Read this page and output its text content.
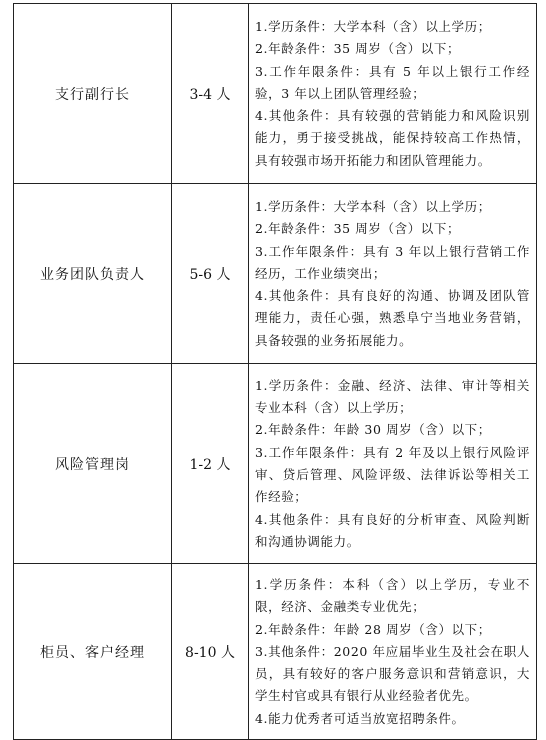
支行副行长	3-4 人	1.学历条件：大学本科（含）以上学历；
2.年龄条件：35 周岁（含）以下；
3.工作年限条件：具有 5 年以上银行工作经验，3 年以上团队管理经验；
4.其他条件：具有较强的营销能力和风险识别能力，勇于接受挑战，能保持较高工作热情，具有较强市场开拓能力和团队管理能力。

业务团队负责人	5-6 人	1.学历条件：大学本科（含）以上学历；
2.年龄条件：35 周岁（含）以下；
3.工作年限条件：具有 3 年以上银行营销工作经历，工作业绩突出；
4.其他条件：具有良好的沟通、协调及团队管理能力，责任心强，熟悉阜宁当地业务营销，具备较强的业务拓展能力。

风险管理岗	1-2 人	1.学历条件：金融、经济、法律、审计等相关专业本科（含）以上学历；
2.年龄条件：年龄 30 周岁（含）以下；
3.工作年限条件：具有 2 年及以上银行风险评审、贷后管理、风险评级、法律诉讼等相关工作经验；
4.其他条件：具有良好的分析审查、风险判断和沟通协调能力。

柜员、客户经理	8-10 人	1.学历条件：本科（含）以上学历，专业不限，经济、金融类专业优先；
2.年龄条件：年龄 28 周岁（含）以下；
3.其他条件：2020 年应届毕业生及社会在职人员，具有较好的客户服务意识和营销意识，大学生村官或具有银行从业经验者优先。
4.能力优秀者可适当放宽招聘条件。
